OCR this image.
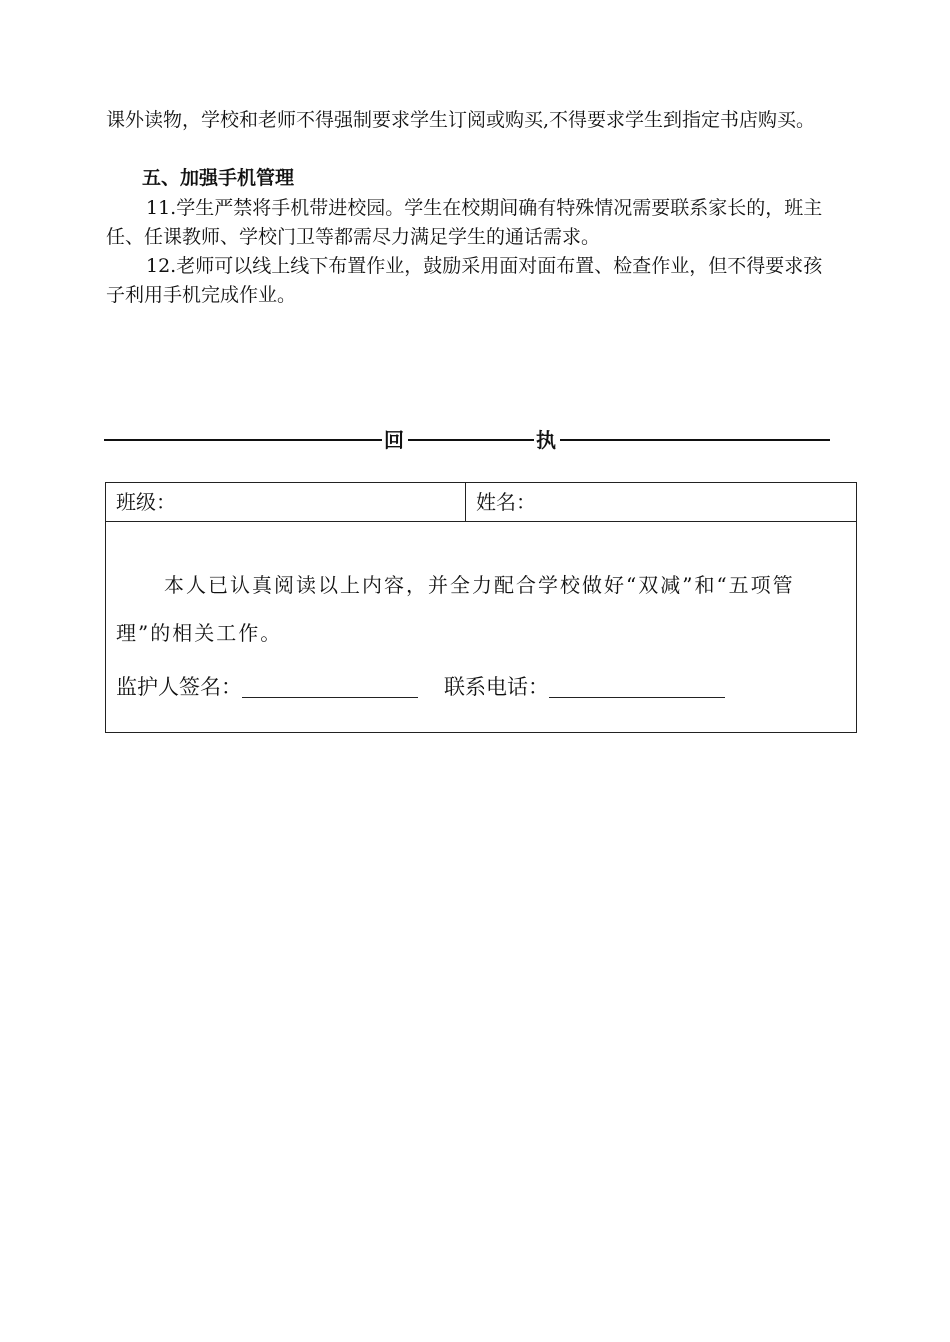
课外读物，学校和老师不得强制要求学生订阅或购买,不得要求学生到指定书店购买。

五、加强手机管理

11.学生严禁将手机带进校园。学生在校期间确有特殊情况需要联系家长的，班主任、任课教师、学校门卫等都需尽力满足学生的通话需求。

12.老师可以线上线下布置作业，鼓励采用面对面布置、检查作业，但不得要求孩子利用手机完成作业。

回	执
班级：	姓名：

本人已认真阅读以上内容，并全力配合学校做好“双减”和“五项管理”的相关工作。

监护人签名：	联系电话：
